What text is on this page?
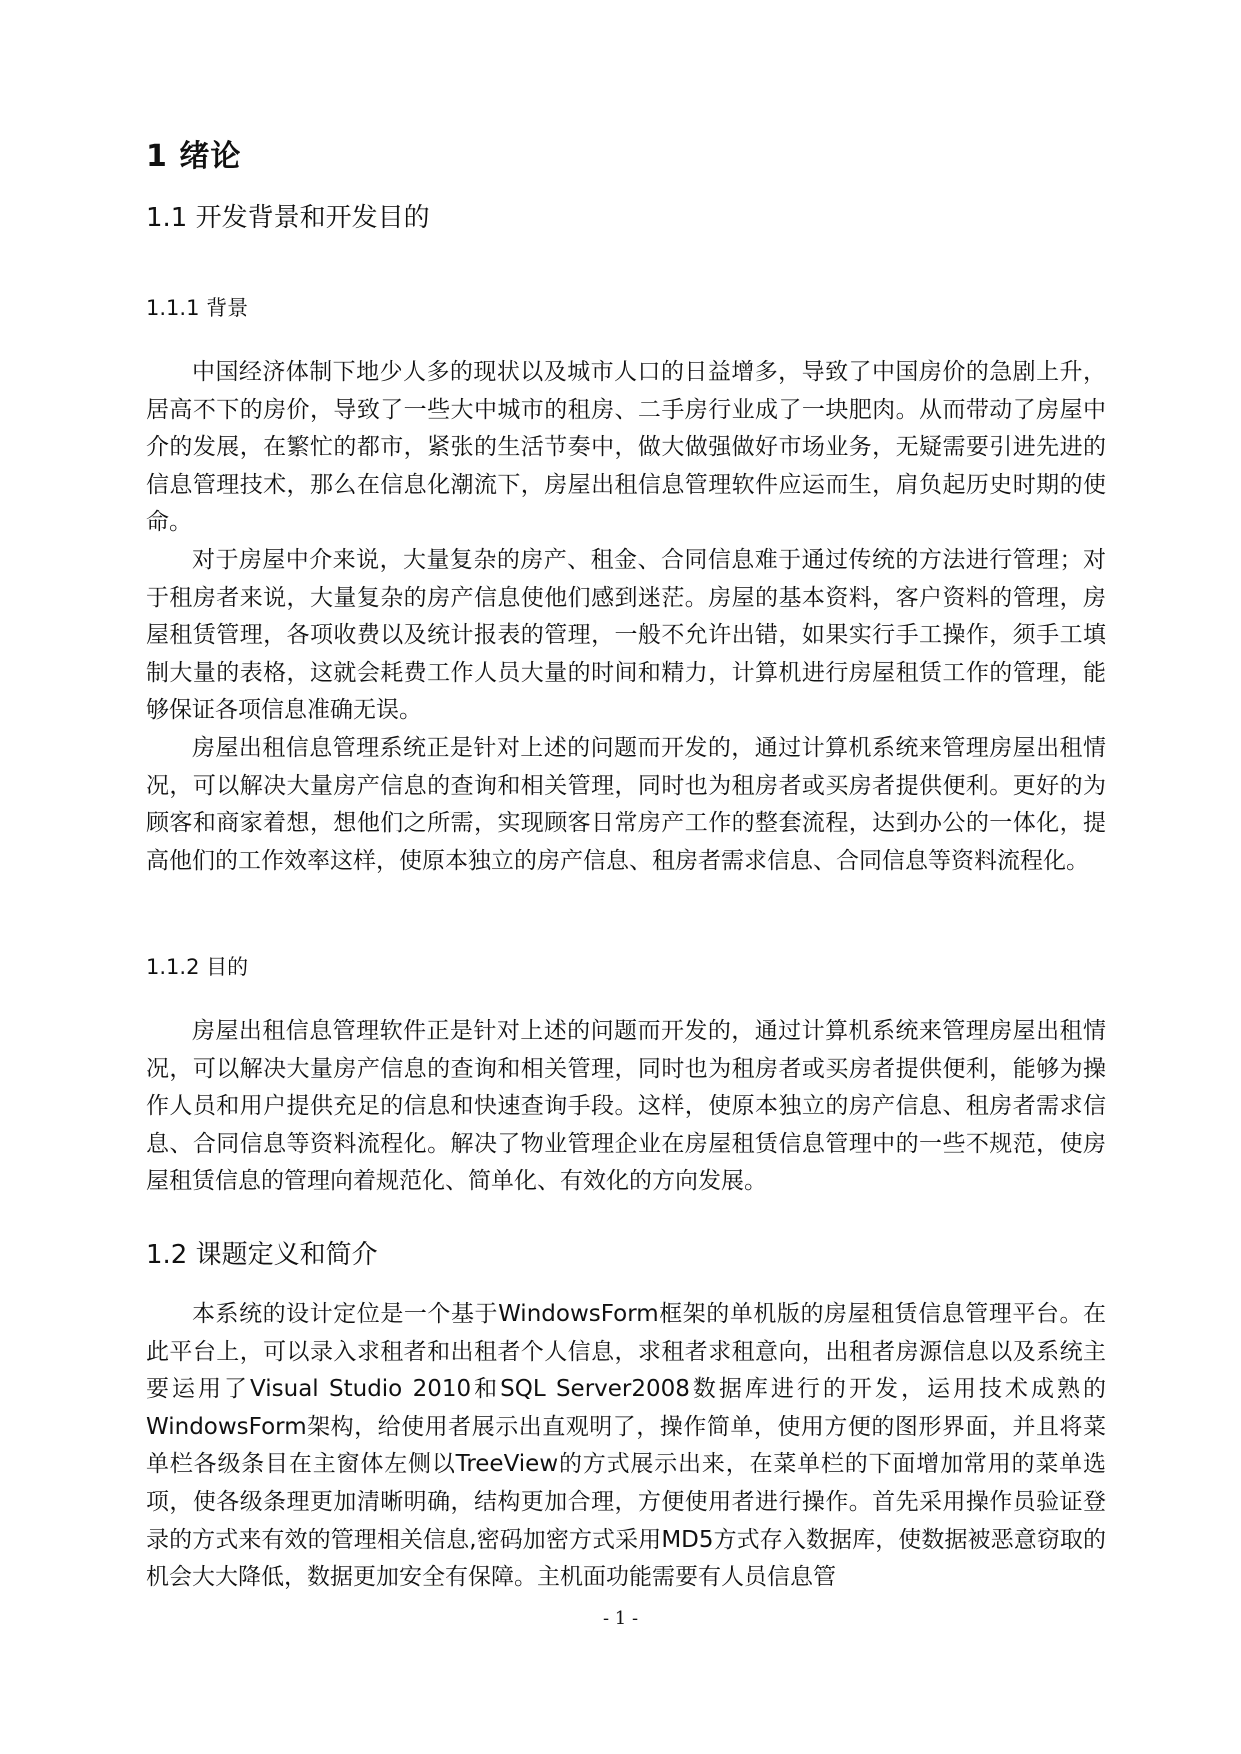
1 绪论
1.1 开发背景和开发目的
1.1.1 背景

中国经济体制下地少人多的现状以及城市人口的日益增多，导致了中国房价的急剧上升，居高不下的房价，导致了一些大中城市的租房、二手房行业成了一块肥肉。从而带动了房屋中介的发展，在繁忙的都市，紧张的生活节奏中，做大做强做好市场业务，无疑需要引进先进的信息管理技术，那么在信息化潮流下，房屋出租信息管理软件应运而生，肩负起历史时期的使命。

对于房屋中介来说，大量复杂的房产、租金、合同信息难于通过传统的方法进行管理；对于租房者来说，大量复杂的房产信息使他们感到迷茫。房屋的基本资料，客户资料的管理，房屋租赁管理，各项收费以及统计报表的管理，一般不允许出错，如果实行手工操作，须手工填制大量的表格，这就会耗费工作人员大量的时间和精力，计算机进行房屋租赁工作的管理，能够保证各项信息准确无误。

房屋出租信息管理系统正是针对上述的问题而开发的，通过计算机系统来管理房屋出租情况，可以解决大量房产信息的查询和相关管理，同时也为租房者或买房者提供便利。更好的为顾客和商家着想，想他们之所需，实现顾客日常房产工作的整套流程，达到办公的一体化，提高他们的工作效率这样，使原本独立的房产信息、租房者需求信息、合同信息等资料流程化。

1.1.2 目的

房屋出租信息管理软件正是针对上述的问题而开发的，通过计算机系统来管理房屋出租情况，可以解决大量房产信息的查询和相关管理，同时也为租房者或买房者提供便利，能够为操作人员和用户提供充足的信息和快速查询手段。这样，使原本独立的房产信息、租房者需求信息、合同信息等资料流程化。解决了物业管理企业在房屋租赁信息管理中的一些不规范，使房屋租赁信息的管理向着规范化、简单化、有效化的方向发展。

1.2 课题定义和简介

本系统的设计定位是一个基于WindowsForm框架的单机版的房屋租赁信息管理平台。在此平台上，可以录入求租者和出租者个人信息，求租者求租意向，出租者房源信息以及系统主要运用了Visual Studio 2010和SQL Server2008数据库进行的开发，运用技术成熟的WindowsForm架构，给使用者展示出直观明了，操作简单，使用方便的图形界面，并且将菜单栏各级条目在主窗体左侧以TreeView的方式展示出来，在菜单栏的下面增加常用的菜单选项，使各级条理更加清晰明确，结构更加合理，方便使用者进行操作。首先采用操作员验证登录的方式来有效的管理相关信息,密码加密方式采用MD5方式存入数据库，使数据被恶意窃取的机会大大降低，数据更加安全有保障。主机面功能需要有人员信息管

- 1 -
